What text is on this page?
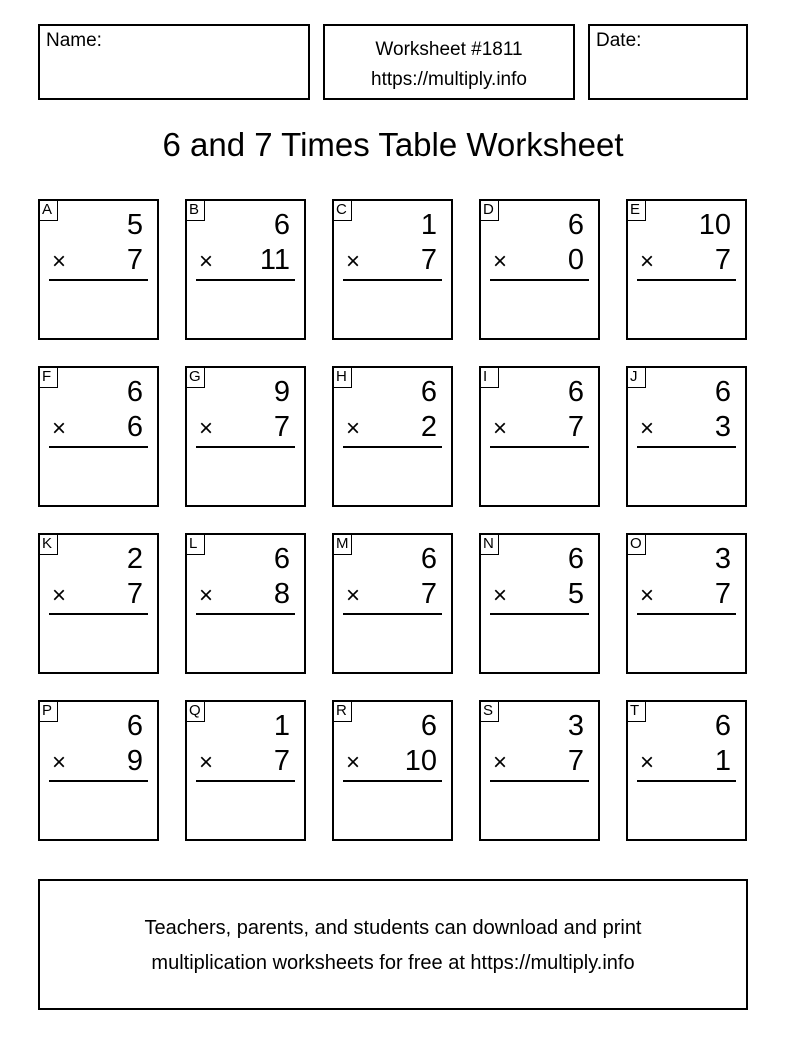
Name:	Worksheet #1811
https://multiply.info
Date:
6 and 7 Times Table Worksheet
A	5
× 7
B	6
× 11
C	1
× 7
D	6
× 0
E 10
× 7
F	6
× 6
G	9
× 7
H	6
× 2
I	6
× 7
J	6
× 3
K	2
× 7
L	6
× 8
M 6
× 7
N	6
× 5
O	3
× 7
P	6
× 9
Q	1
× 7
R	6
× 10
S	3
× 7
T	6
× 1
Teachers, parents, and students can download and print
multiplication worksheets for free at https://multiply.info
